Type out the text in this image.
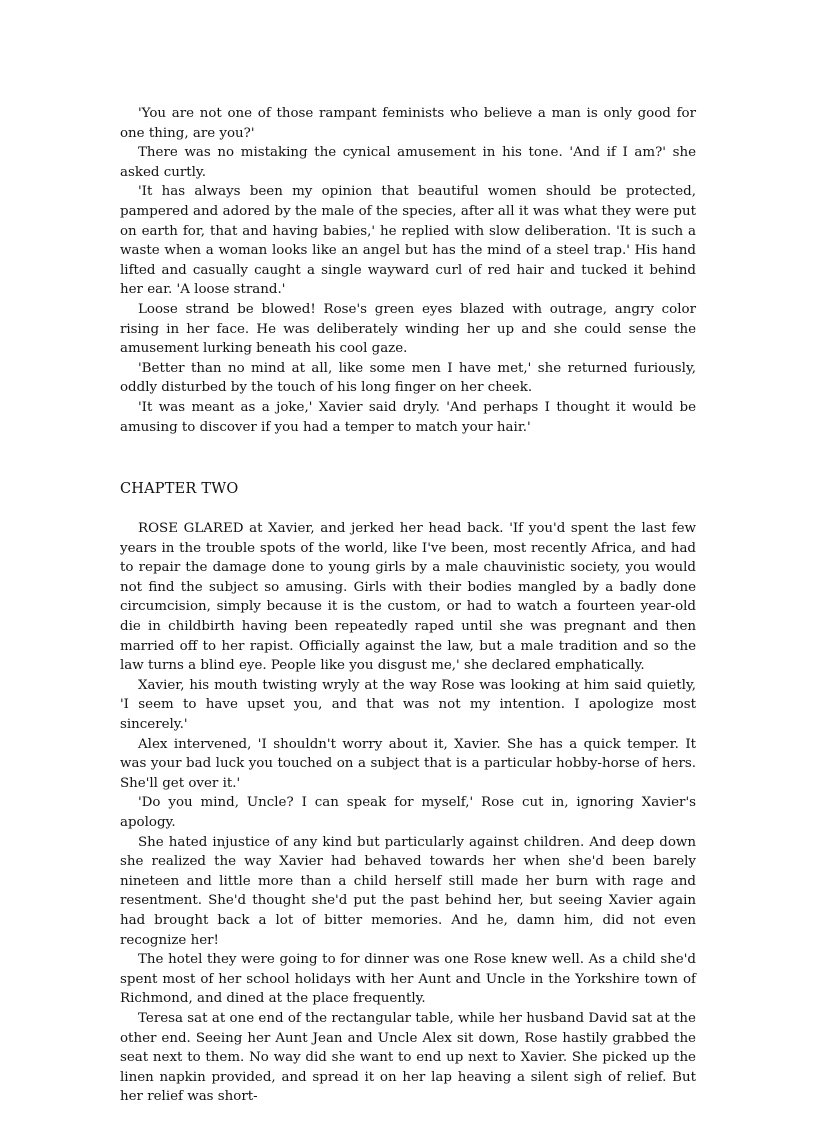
'You are not one of those rampant feminists who believe a man is only good for one thing, are you?'

There was no mistaking the cynical amusement in his tone. 'And if I am?' she asked curtly.

'It has always been my opinion that beautiful women should be protected, pampered and adored by the male of the species, after all it was what they were put on earth for, that and having babies,' he replied with slow deliberation. 'It is such a waste when a woman looks like an angel but has the mind of a steel trap.' His hand lifted and casually caught a single wayward curl of red hair and tucked it behind her ear. 'A loose strand.'

Loose strand be blowed! Rose's green eyes blazed with outrage, angry color rising in her face. He was deliberately winding her up and she could sense the amusement lurking beneath his cool gaze.

'Better than no mind at all, like some men I have met,' she returned furiously, oddly disturbed by the touch of his long finger on her cheek.

'It was meant as a joke,' Xavier said dryly. 'And perhaps I thought it would be amusing to discover if you had a temper to match your hair.'

CHAPTER TWO

ROSE GLARED at Xavier, and jerked her head back. 'If you'd spent the last few years in the trouble spots of the world, like I've been, most recently Africa, and had to repair the damage done to young girls by a male chauvinistic society, you would not find the subject so amusing. Girls with their bodies mangled by a badly done circumcision, simply because it is the custom, or had to watch a fourteen year-old die in childbirth having been repeatedly raped until she was pregnant and then married off to her rapist. Officially against the law, but a male tradition and so the law turns a blind eye. People like you disgust me,' she declared emphatically.

Xavier, his mouth twisting wryly at the way Rose was looking at him said quietly, 'I seem to have upset you, and that was not my intention. I apologize most sincerely.'

Alex intervened, 'I shouldn't worry about it, Xavier. She has a quick temper. It was your bad luck you touched on a subject that is a particular hobby-horse of hers. She'll get over it.'

'Do you mind, Uncle? I can speak for myself,' Rose cut in, ignoring Xavier's apology.

She hated injustice of any kind but particularly against children. And deep down she realized the way Xavier had behaved towards her when she'd been barely nineteen and little more than a child herself still made her burn with rage and resentment. She'd thought she'd put the past behind her, but seeing Xavier again had brought back a lot of bitter memories. And he, damn him, did not even recognize her!

The hotel they were going to for dinner was one Rose knew well. As a child she'd spent most of her school holidays with her Aunt and Uncle in the Yorkshire town of Richmond, and dined at the place frequently.

Teresa sat at one end of the rectangular table, while her husband David sat at the other end. Seeing her Aunt Jean and Uncle Alex sit down, Rose hastily grabbed the seat next to them. No way did she want to end up next to Xavier. She picked up the linen napkin provided, and spread it on her lap heaving a silent sigh of relief. But her relief was short-
